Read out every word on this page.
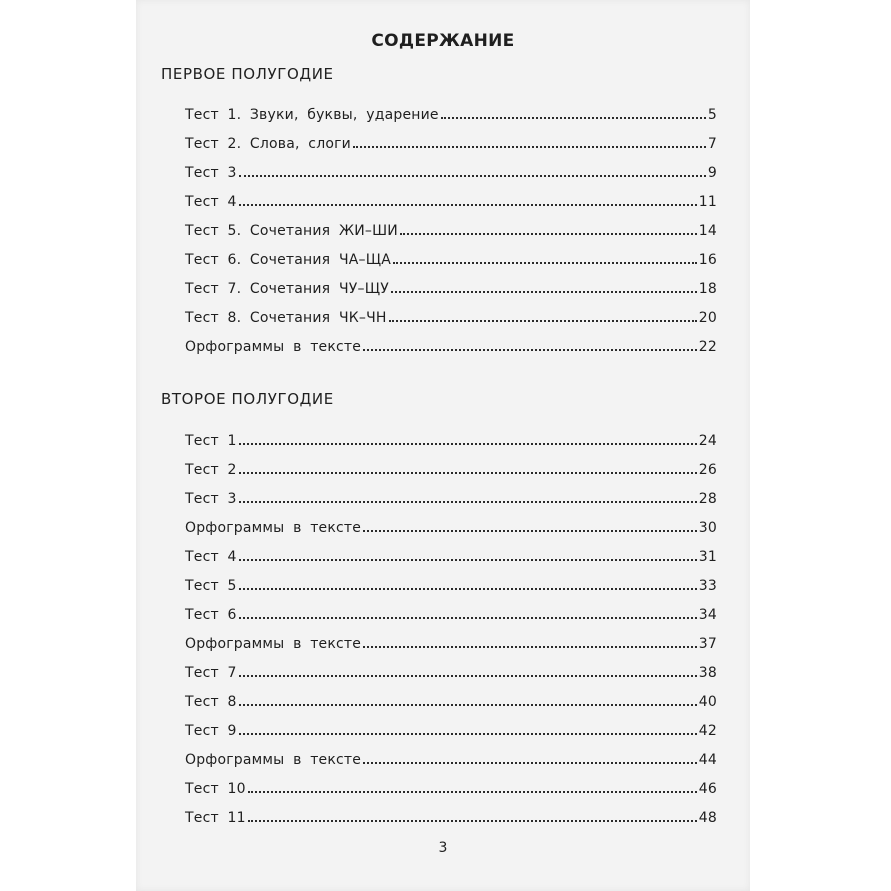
СОДЕРЖАНИЕ
ПЕРВОЕ ПОЛУГОДИЕ
Тест 1. Звуки, буквы, ударение	5
Тест 2. Слова, слоги	7
Тест 3	9
Тест 4	11
Тест 5. Сочетания ЖИ–ШИ	14
Тест 6. Сочетания ЧА–ЩА	16
Тест 7. Сочетания ЧУ–ЩУ	18
Тест 8. Сочетания ЧК–ЧН	20
Орфограммы в тексте	22
ВТОРОЕ ПОЛУГОДИЕ
Тест 1	24
Тест 2	26
Тест 3	28
Орфограммы в тексте	30
Тест 4	31
Тест 5	33
Тест 6	34
Орфограммы в тексте	37
Тест 7	38
Тест 8	40
Тест 9	42
Орфограммы в тексте	44
Тест 10	46
Тест 11	48
3
